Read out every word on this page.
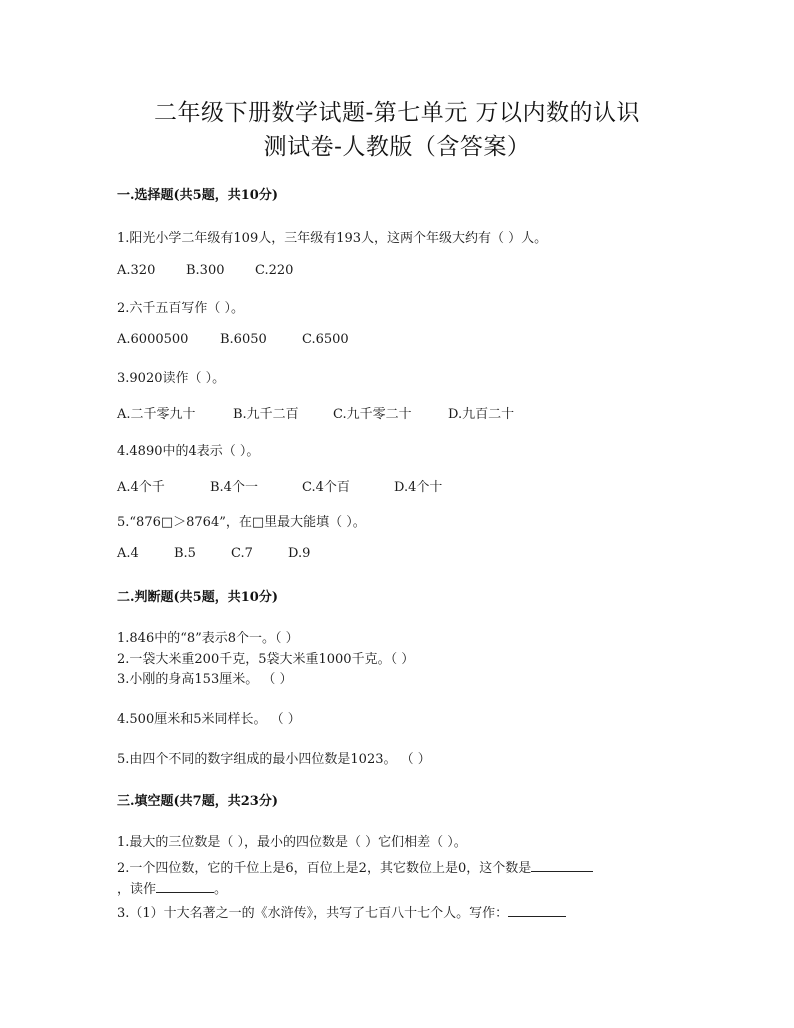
二年级下册数学试题-第七单元 万以内数的认识
测试卷-人教版（含答案）
一.选择题(共5题，共10分)
1.阳光小学二年级有109人，三年级有193人，这两个年级大约有（ ）人。
A.320	B.300	C.220
2.六千五百写作（ ）。
A.6000500	B.6050	C.6500
3.9020读作（ ）。
A.二千零九十	B.九千二百	C.九千零二十	D.九百二十
4.4890中的4表示（ ）。
A.4个千	B.4个一	C.4个百	D.4个十
5.“876□＞8764”，在□里最大能填（ ）。
A.4	B.5	C.7	D.9
二.判断题(共5题，共10分)
1.846中的“8”表示8个一。（ ）
2.一袋大米重200千克，5袋大米重1000千克。（ ）
3.小刚的身高153厘米。 （ ）
4.500厘米和5米同样长。 （ ）
5.由四个不同的数字组成的最小四位数是1023。 （ ）
三.填空题(共7题，共23分)
1.最大的三位数是（ ），最小的四位数是（ ）它们相差（ ）。
2.一个四位数，它的千位上是6，百位上是2，其它数位上是0，这个数是
，读作	。
3.（1）十大名著之一的《水浒传》，共写了七百八十七个人。写作：
